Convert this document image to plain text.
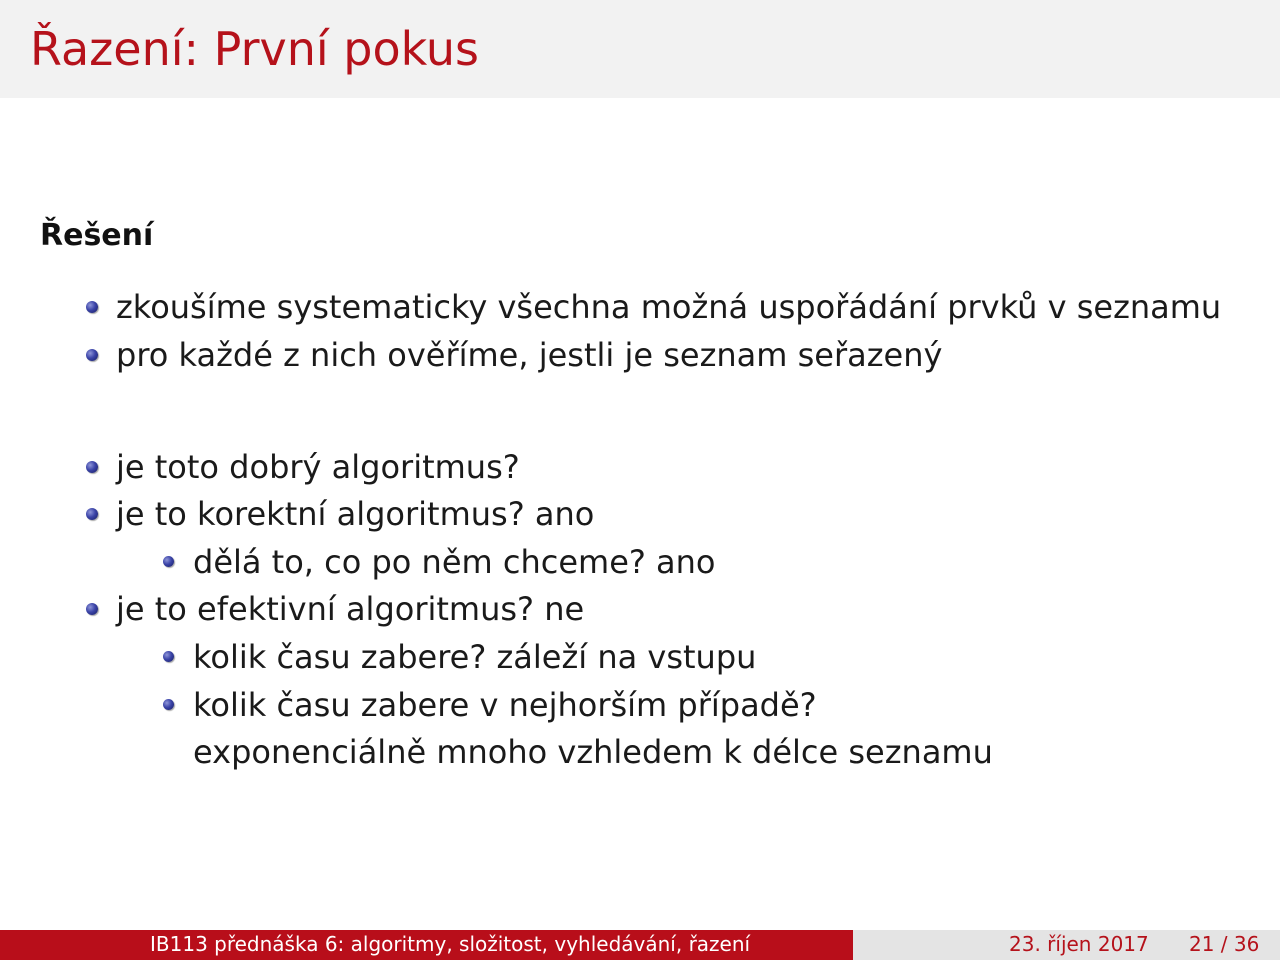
Řazení: První pokus
Řešení
zkoušíme systematicky všechna možná uspořádání prvků v seznamu
pro každé z nich ověříme, jestli je seznam seřazený
je toto dobrý algoritmus?
je to korektní algoritmus? ano
dělá to, co po něm chceme? ano
je to efektivní algoritmus? ne
kolik času zabere? záleží na vstupu
kolik času zabere v nejhorším případě?
exponenciálně mnoho vzhledem k délce seznamu
IB113 přednáška 6: algoritmy, složitost, vyhledávání, řazení	23. říjen 2017 21 / 36
